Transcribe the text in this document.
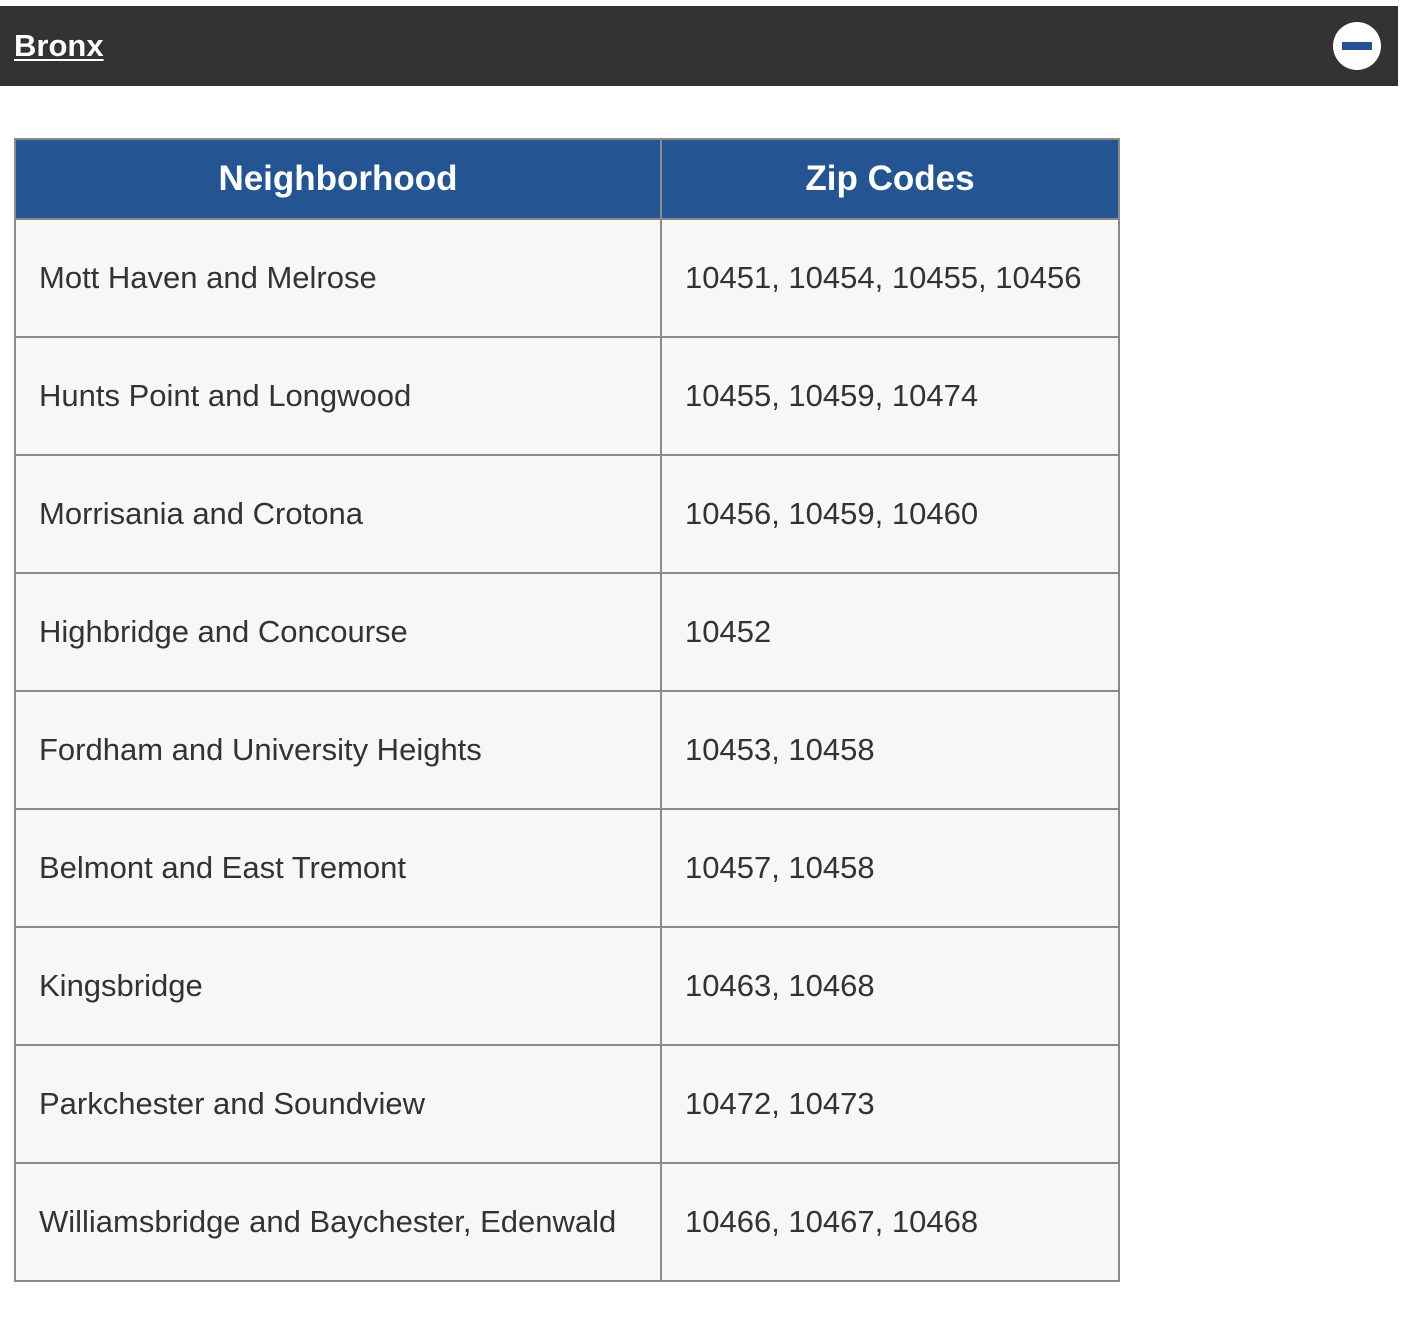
Bronx
Neighborhood	Zip Codes
Mott Haven and Melrose	10451, 10454, 10455, 10456
Hunts Point and Longwood	10455, 10459, 10474
Morrisania and Crotona	10456, 10459, 10460
Highbridge and Concourse	10452
Fordham and University Heights	10453, 10458
Belmont and East Tremont	10457, 10458
Kingsbridge	10463, 10468
Parkchester and Soundview	10472, 10473
Williamsbridge and Baychester, Edenwald	10466, 10467, 10468
